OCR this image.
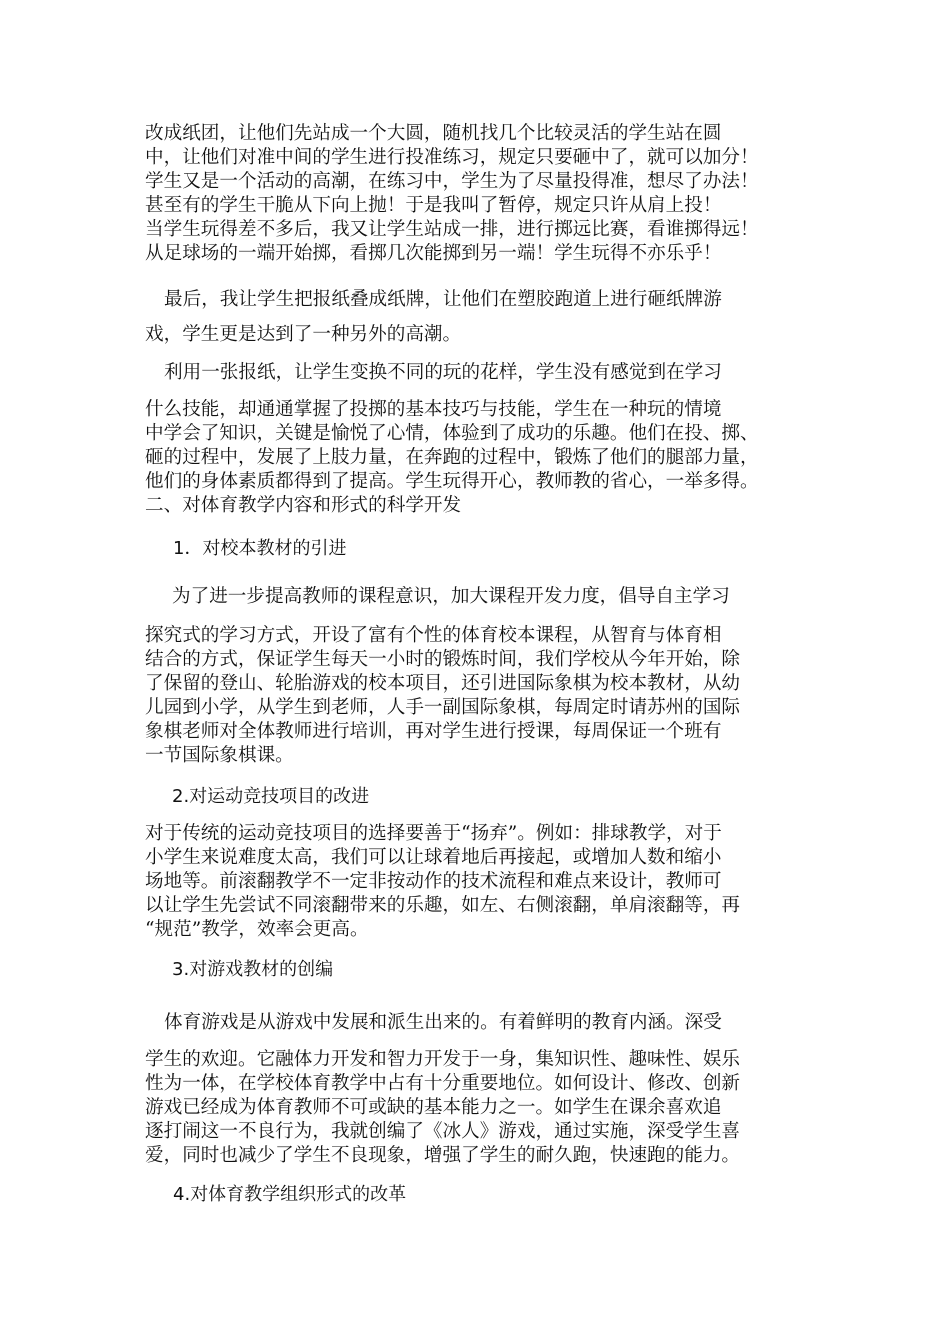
改成纸团，让他们先站成一个大圆，随机找几个比较灵活的学生站在圆
中，让他们对准中间的学生进行投准练习，规定只要砸中了，就可以加分！
学生又是一个活动的高潮，在练习中，学生为了尽量投得准，想尽了办法！
甚至有的学生干脆从下向上抛！于是我叫了暂停，规定只许从肩上投！
当学生玩得差不多后，我又让学生站成一排，进行掷远比赛，看谁掷得远！
从足球场的一端开始掷，看掷几次能掷到另一端！学生玩得不亦乐乎！
最后，我让学生把报纸叠成纸牌，让他们在塑胶跑道上进行砸纸牌游
戏，学生更是达到了一种另外的高潮。
利用一张报纸，让学生变换不同的玩的花样，学生没有感觉到在学习
什么技能，却通通掌握了投掷的基本技巧与技能，学生在一种玩的情境
中学会了知识，关键是愉悦了心情，体验到了成功的乐趣。他们在投、掷、
砸的过程中，发展了上肢力量，在奔跑的过程中，锻炼了他们的腿部力量，
他们的身体素质都得到了提高。学生玩得开心，教师教的省心，一举多得。
二、对体育教学内容和形式的科学开发
1．对校本教材的引进
为了进一步提高教师的课程意识，加大课程开发力度，倡导自主学习
探究式的学习方式，开设了富有个性的体育校本课程，从智育与体育相
结合的方式，保证学生每天一小时的锻炼时间，我们学校从今年开始，除
了保留的登山、轮胎游戏的校本项目，还引进国际象棋为校本教材，从幼
儿园到小学，从学生到老师，人手一副国际象棋，每周定时请苏州的国际
象棋老师对全体教师进行培训，再对学生进行授课，每周保证一个班有
一节国际象棋课。
2.对运动竞技项目的改进
对于传统的运动竞技项目的选择要善于“扬弃”。例如：排球教学，对于
小学生来说难度太高，我们可以让球着地后再接起，或增加人数和缩小
场地等。前滚翻教学不一定非按动作的技术流程和难点来设计，教师可
以让学生先尝试不同滚翻带来的乐趣，如左、右侧滚翻，单肩滚翻等，再
“规范”教学，效率会更高。
3.对游戏教材的创编
体育游戏是从游戏中发展和派生出来的。有着鲜明的教育内涵。深受
学生的欢迎。它融体力开发和智力开发于一身，集知识性、趣味性、娱乐
性为一体，在学校体育教学中占有十分重要地位。如何设计、修改、创新
游戏已经成为体育教师不可或缺的基本能力之一。如学生在课余喜欢追
逐打闹这一不良行为，我就创编了《冰人》游戏，通过实施，深受学生喜
爱，同时也减少了学生不良现象，增强了学生的耐久跑，快速跑的能力。
4.对体育教学组织形式的改革
